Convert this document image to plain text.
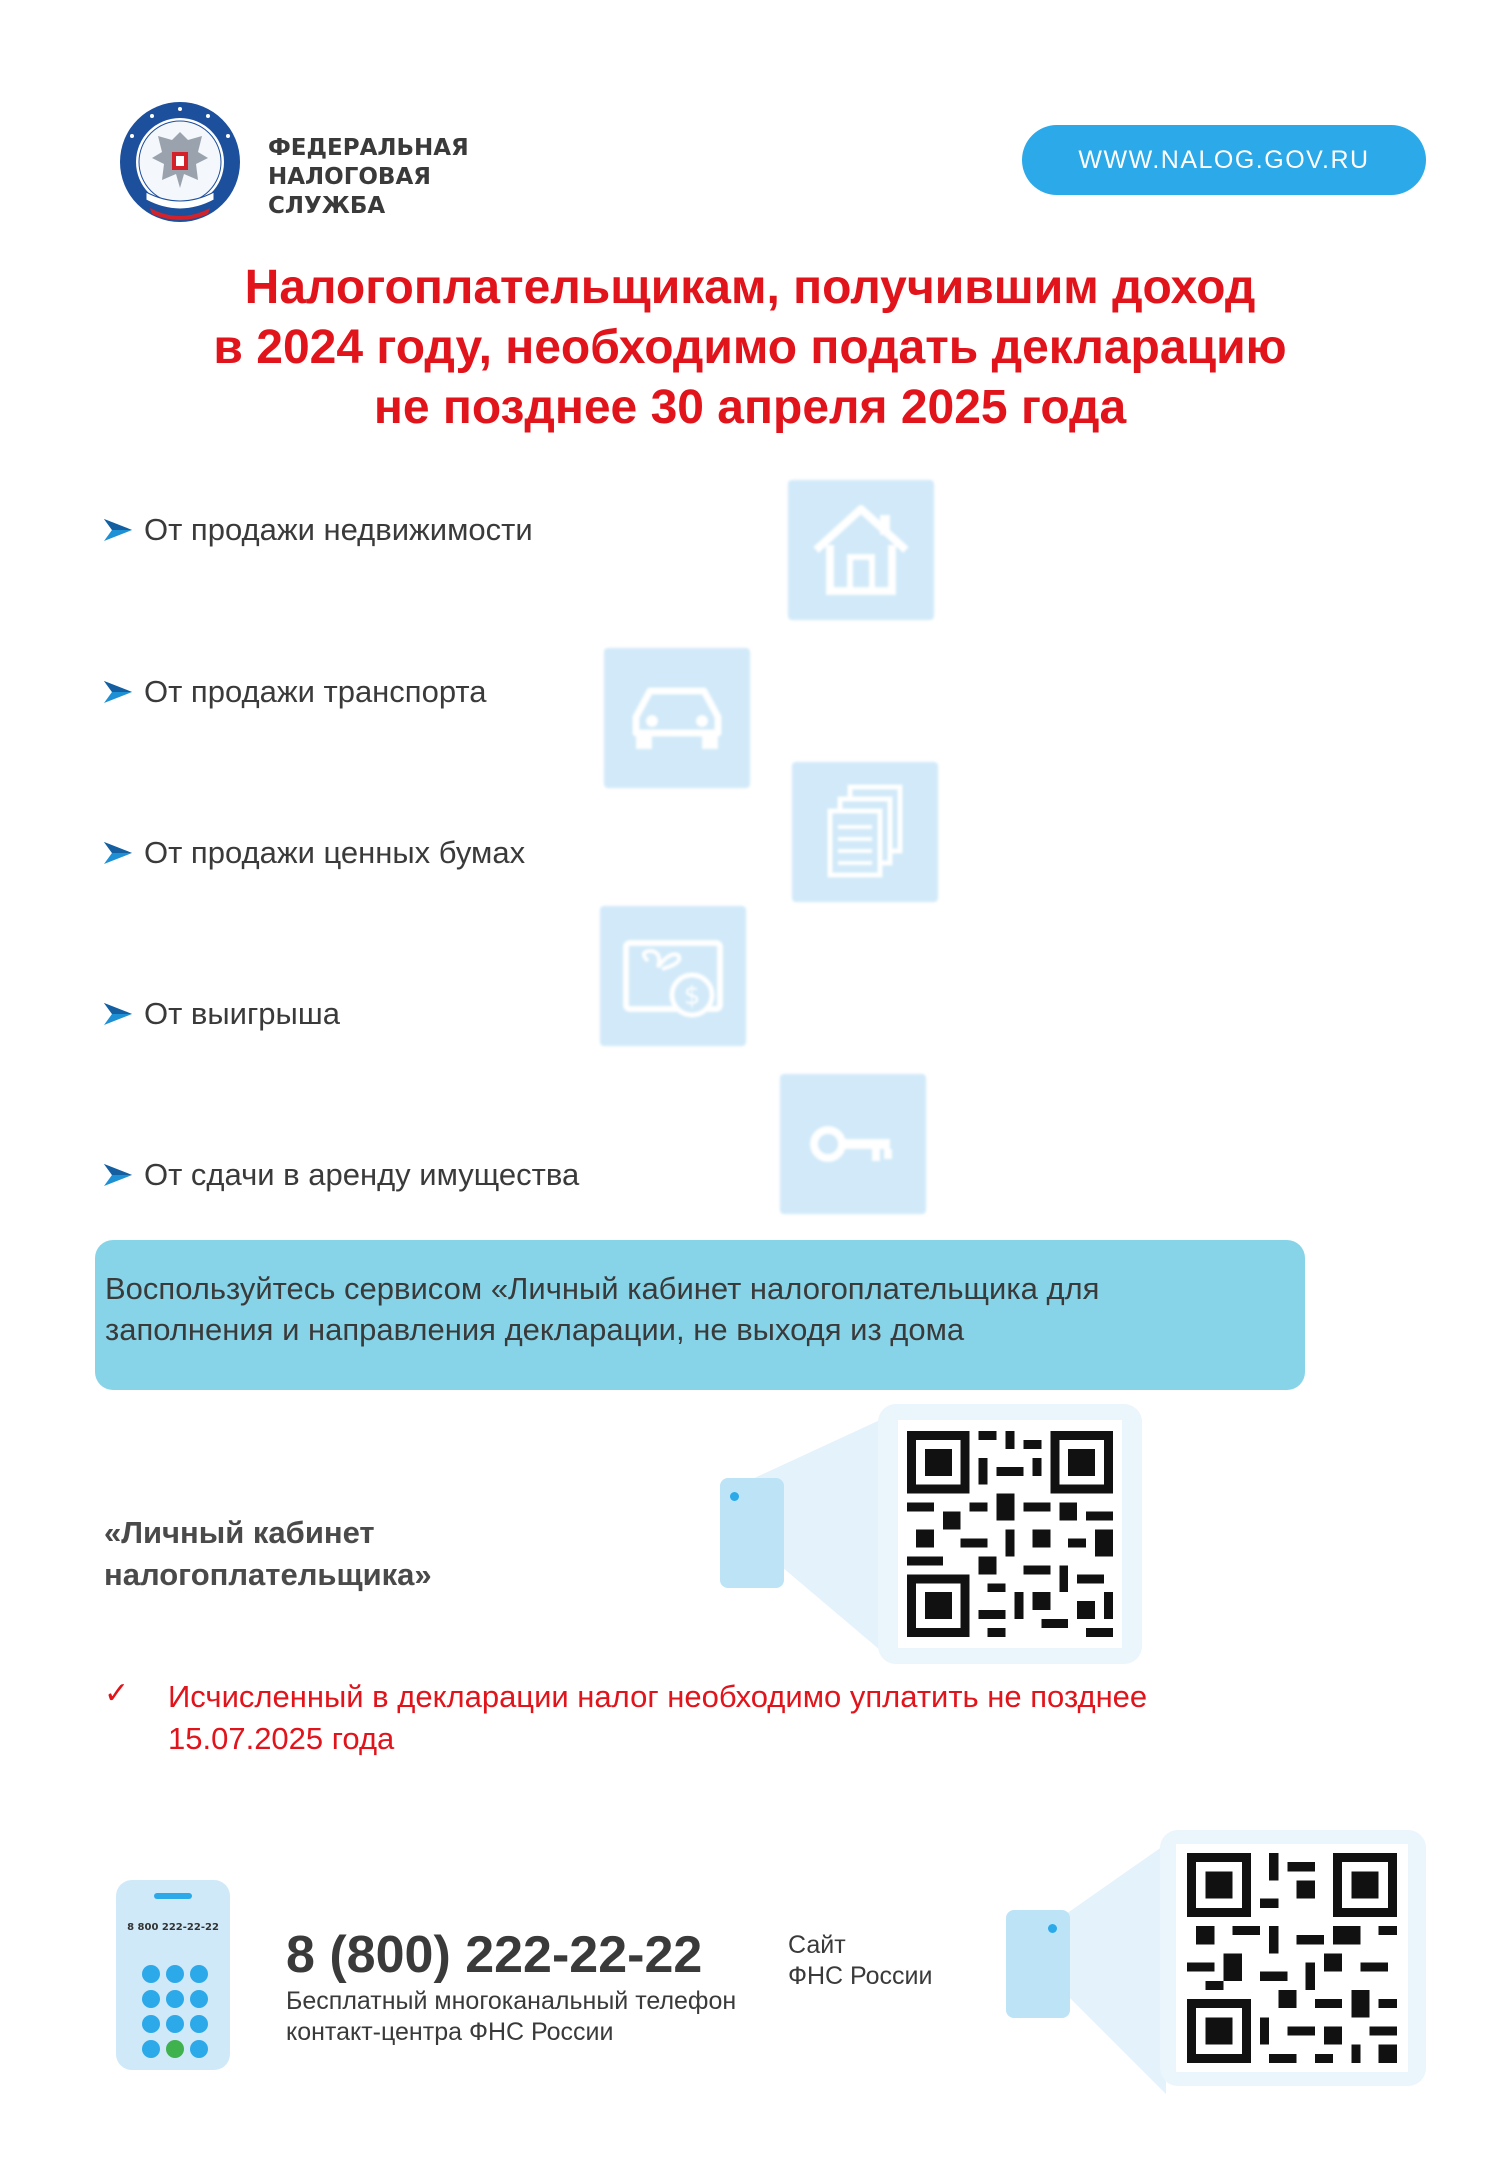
ФЕДЕРАЛЬНАЯ
НАЛОГОВАЯ СЛУЖБА
WWW.NALOG.GOV.RU
Налогоплательщикам, получившим доход
в 2024 году, необходимо подать декларацию
не позднее 30 апреля 2025 года
От продажи недвижимости
От продажи транспорта
От продажи ценных бумах
От выигрыша
От сдачи в аренду имущества
$
Воспользуйтесь сервисом «Личный кабинет налогоплательщика для
заполнения и направления декларации, не выходя из дома
«Личный кабинет
налогоплательщика»
✓ Исчисленный в декларации налог необходимо уплатить не позднее
15.07.2025 года
8 800 222-22-22 8 (800) 222-22-22
Бесплатный многоканальный телефон
контакт-центра ФНС России
Сайт
ФНС России
